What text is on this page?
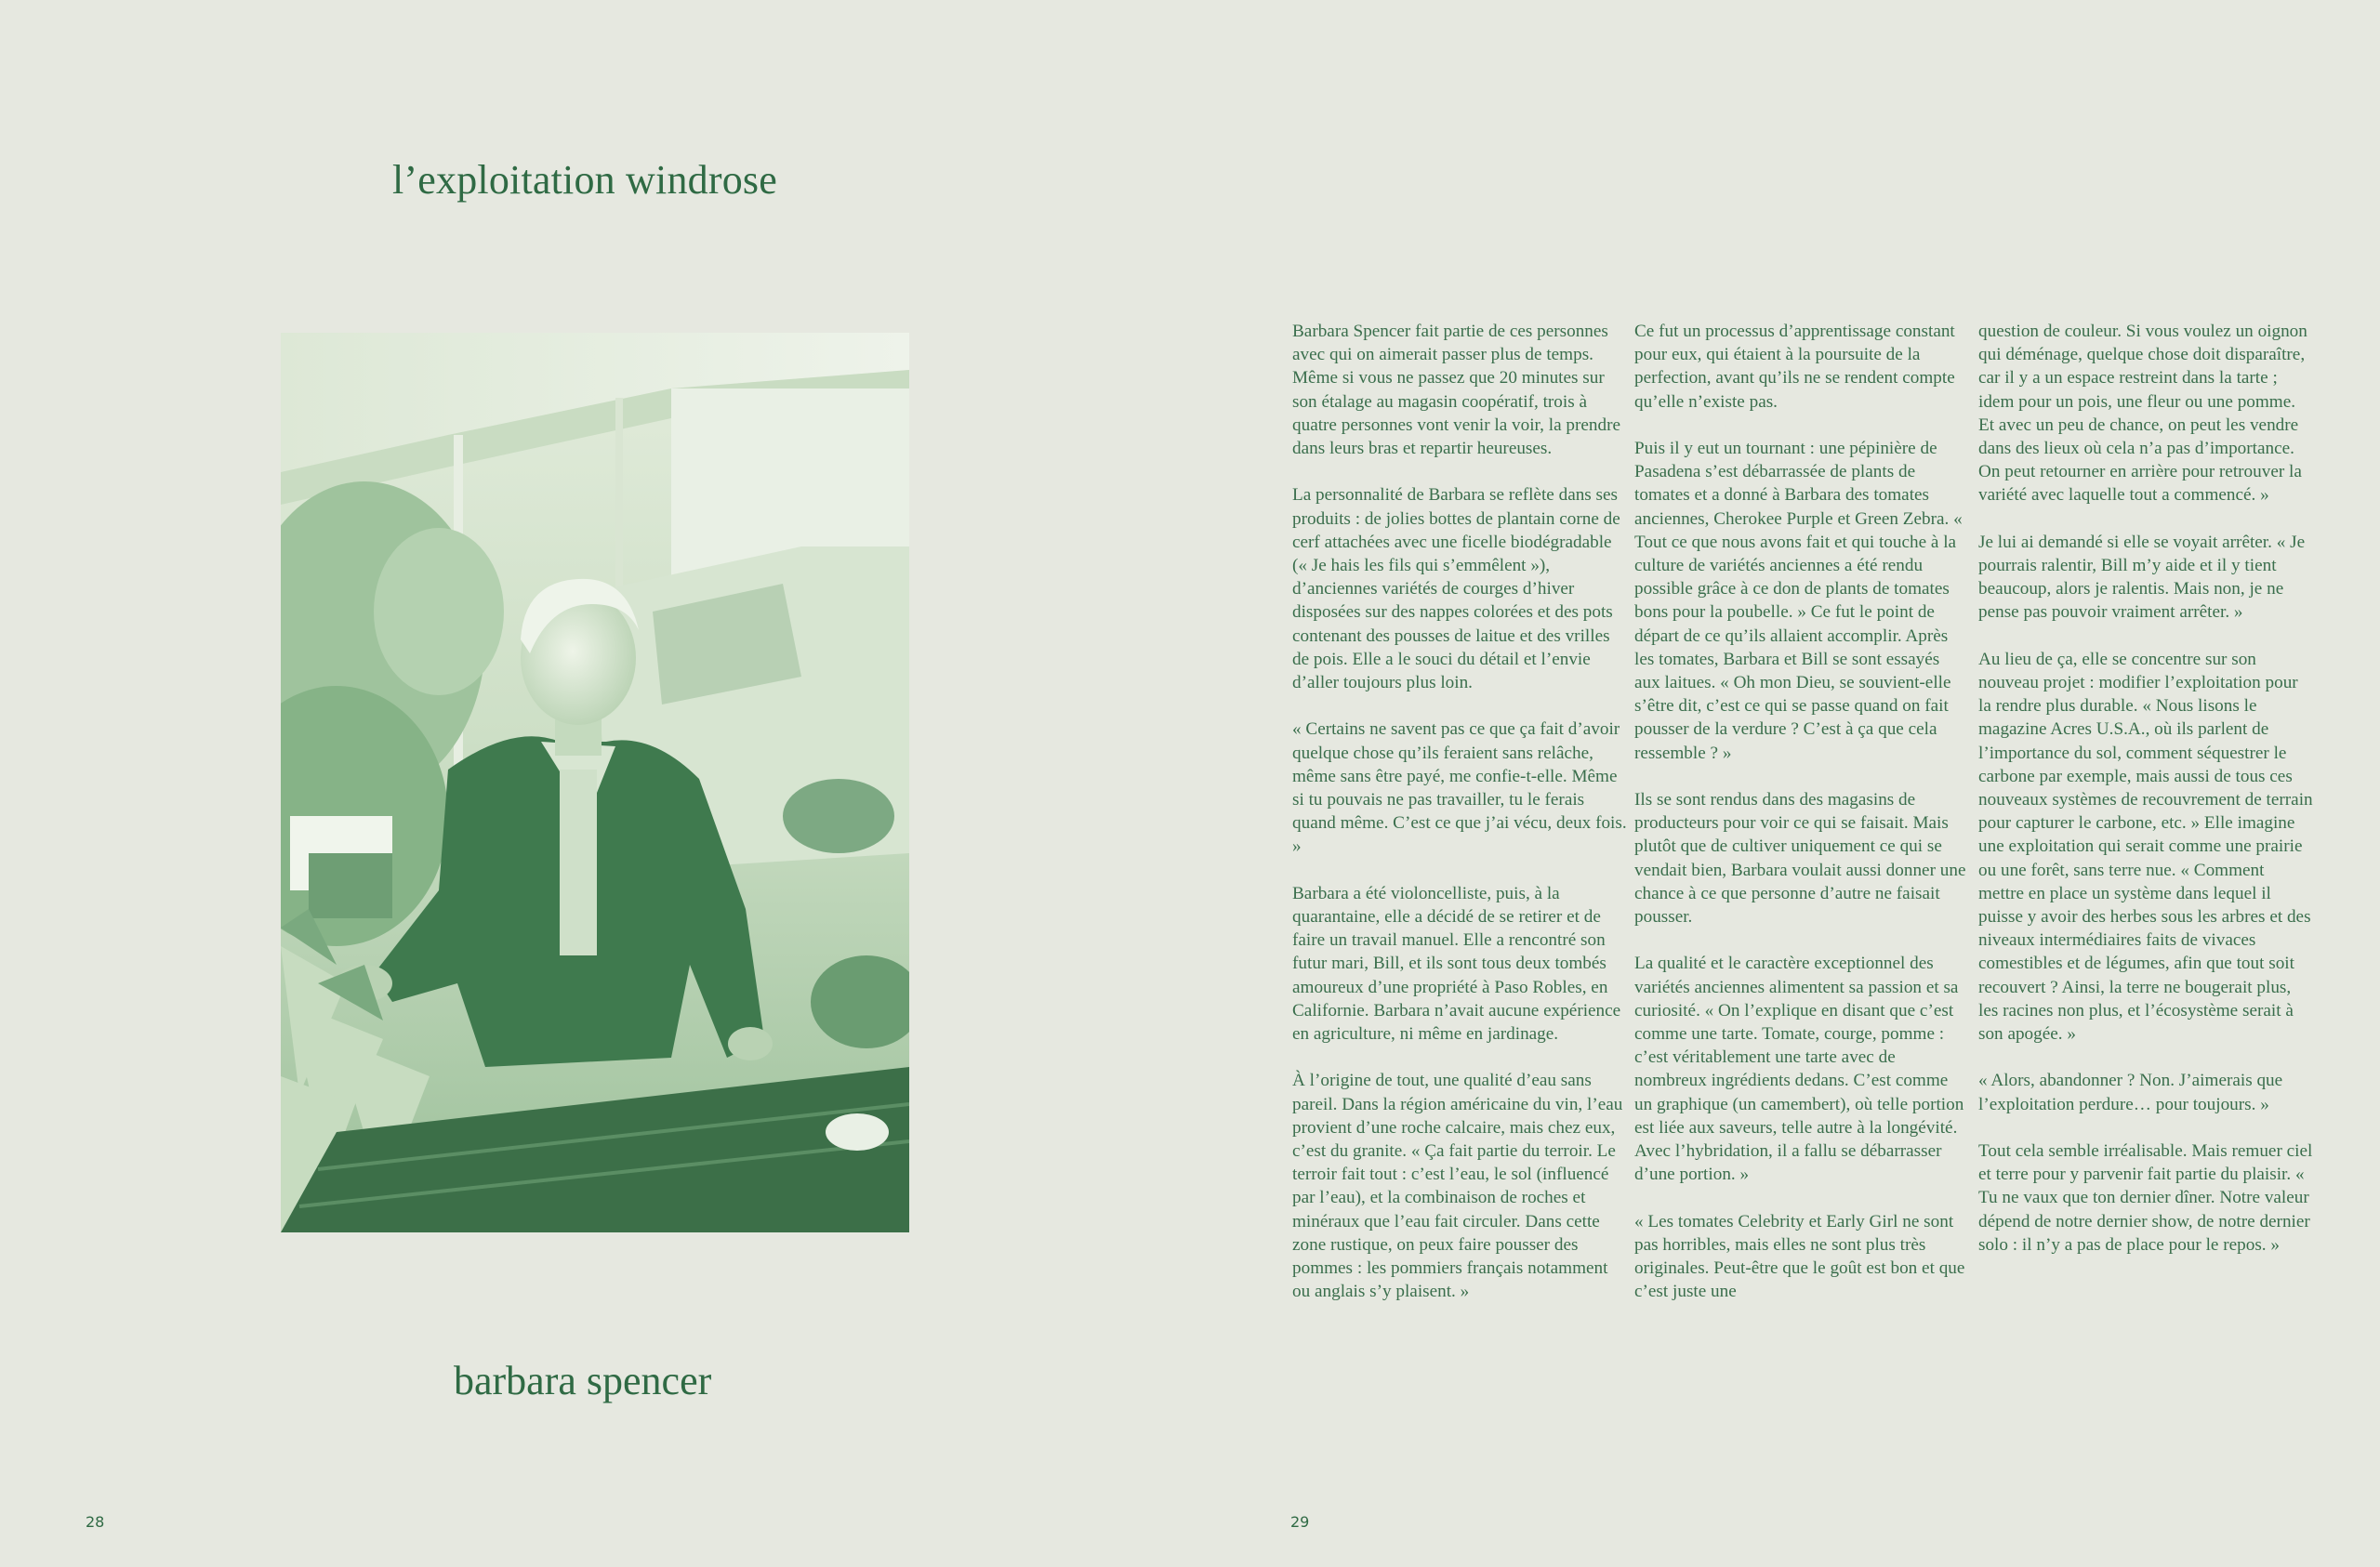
l’exploitation windrose
barbara spencer
28

Barbara Spencer fait partie de ces personnes avec qui on aimerait passer plus de temps. Même si vous ne passez que 20 minutes sur son étalage au magasin coopératif, trois à quatre personnes vont venir la voir, la prendre dans leurs bras et repartir heureuses.

La personnalité de Barbara se reflète dans ses produits : de jolies bottes de plantain corne de cerf attachées avec une ficelle biodégradable (« Je hais les fils qui s’emmêlent »), d’anciennes variétés de courges d’hiver disposées sur des nappes colorées et des pots contenant des pousses de laitue et des vrilles de pois. Elle a le souci du détail et l’envie d’aller toujours plus loin.

« Certains ne savent pas ce que ça fait d’avoir quelque chose qu’ils feraient sans relâche, même sans être payé, me confie-t-elle. Même si tu pouvais ne pas travailler, tu le ferais quand même. C’est ce que j’ai vécu, deux fois. »

Barbara a été violoncelliste, puis, à la quarantaine, elle a décidé de se retirer et de faire un travail manuel. Elle a rencontré son futur mari, Bill, et ils sont tous deux tombés amoureux d’une propriété à Paso Robles, en Californie. Barbara n’avait aucune expérience en agriculture, ni même en jardinage.

À l’origine de tout, une qualité d’eau sans pareil. Dans la région américaine du vin, l’eau provient d’une roche calcaire, mais chez eux, c’est du granite. « Ça fait partie du terroir. Le terroir fait tout : c’est l’eau, le sol (influencé par l’eau), et la combinaison de roches et minéraux que l’eau fait circuler. Dans cette zone rustique, on peux faire pousser des pommes : les pommiers français notamment ou anglais s’y plaisent. »

Ce fut un processus d’apprentissage constant pour eux, qui étaient à la poursuite de la perfection, avant qu’ils ne se rendent compte qu’elle n’existe pas.

Puis il y eut un tournant : une pépinière de Pasadena s’est débarrassée de plants de tomates et a donné à Barbara des tomates anciennes, Cherokee Purple et Green Zebra. « Tout ce que nous avons fait et qui touche à la culture de variétés anciennes a été rendu possible grâce à ce don de plants de tomates bons pour la poubelle. » Ce fut le point de départ de ce qu’ils allaient accomplir. Après les tomates, Barbara et Bill se sont essayés aux laitues. « Oh mon Dieu, se souvient-elle s’être dit, c’est ce qui se passe quand on fait pousser de la verdure ? C’est à ça que cela ressemble ? »

Ils se sont rendus dans des magasins de producteurs pour voir ce qui se faisait. Mais plutôt que de cultiver uniquement ce qui se vendait bien, Barbara voulait aussi donner une chance à ce que personne d’autre ne faisait pousser.

La qualité et le caractère exceptionnel des variétés anciennes alimentent sa passion et sa curiosité. « On l’explique en disant que c’est comme une tarte. Tomate, courge, pomme : c’est véritablement une tarte avec de nombreux ingrédients dedans. C’est comme un graphique (un camembert), où telle portion est liée aux saveurs, telle autre à la longévité. Avec l’hybridation, il a fallu se débarrasser d’une portion. »

« Les tomates Celebrity et Early Girl ne sont pas horribles, mais elles ne sont plus très originales. Peut-être que le goût est bon et que c’est juste une

question de couleur. Si vous voulez un oignon qui déménage, quelque chose doit disparaître, car il y a un espace restreint dans la tarte ; idem pour un pois, une fleur ou une pomme. Et avec un peu de chance, on peut les vendre dans des lieux où cela n’a pas d’importance. On peut retourner en arrière pour retrouver la variété avec laquelle tout a commencé. »

Je lui ai demandé si elle se voyait arrêter. « Je pourrais ralentir, Bill m’y aide et il y tient beaucoup, alors je ralentis. Mais non, je ne pense pas pouvoir vraiment arrêter. »

Au lieu de ça, elle se concentre sur son nouveau projet : modifier l’exploitation pour la rendre plus durable. « Nous lisons le magazine Acres U.S.A., où ils parlent de l’importance du sol, comment séquestrer le carbone par exemple, mais aussi de tous ces nouveaux systèmes de recouvrement de terrain pour capturer le carbone, etc. » Elle imagine une exploitation qui serait comme une prairie ou une forêt, sans terre nue. « Comment mettre en place un système dans lequel il puisse y avoir des herbes sous les arbres et des niveaux intermédiaires faits de vivaces comestibles et de légumes, afin que tout soit recouvert ? Ainsi, la terre ne bougerait plus, les racines non plus, et l’écosystème serait à son apogée. »

« Alors, abandonner ? Non. J’aimerais que l’exploitation perdure… pour toujours. »

Tout cela semble irréalisable. Mais remuer ciel et terre pour y parvenir fait partie du plaisir. « Tu ne vaux que ton dernier dîner. Notre valeur dépend de notre dernier show, de notre dernier solo : il n’y a pas de place pour le repos. »

29
